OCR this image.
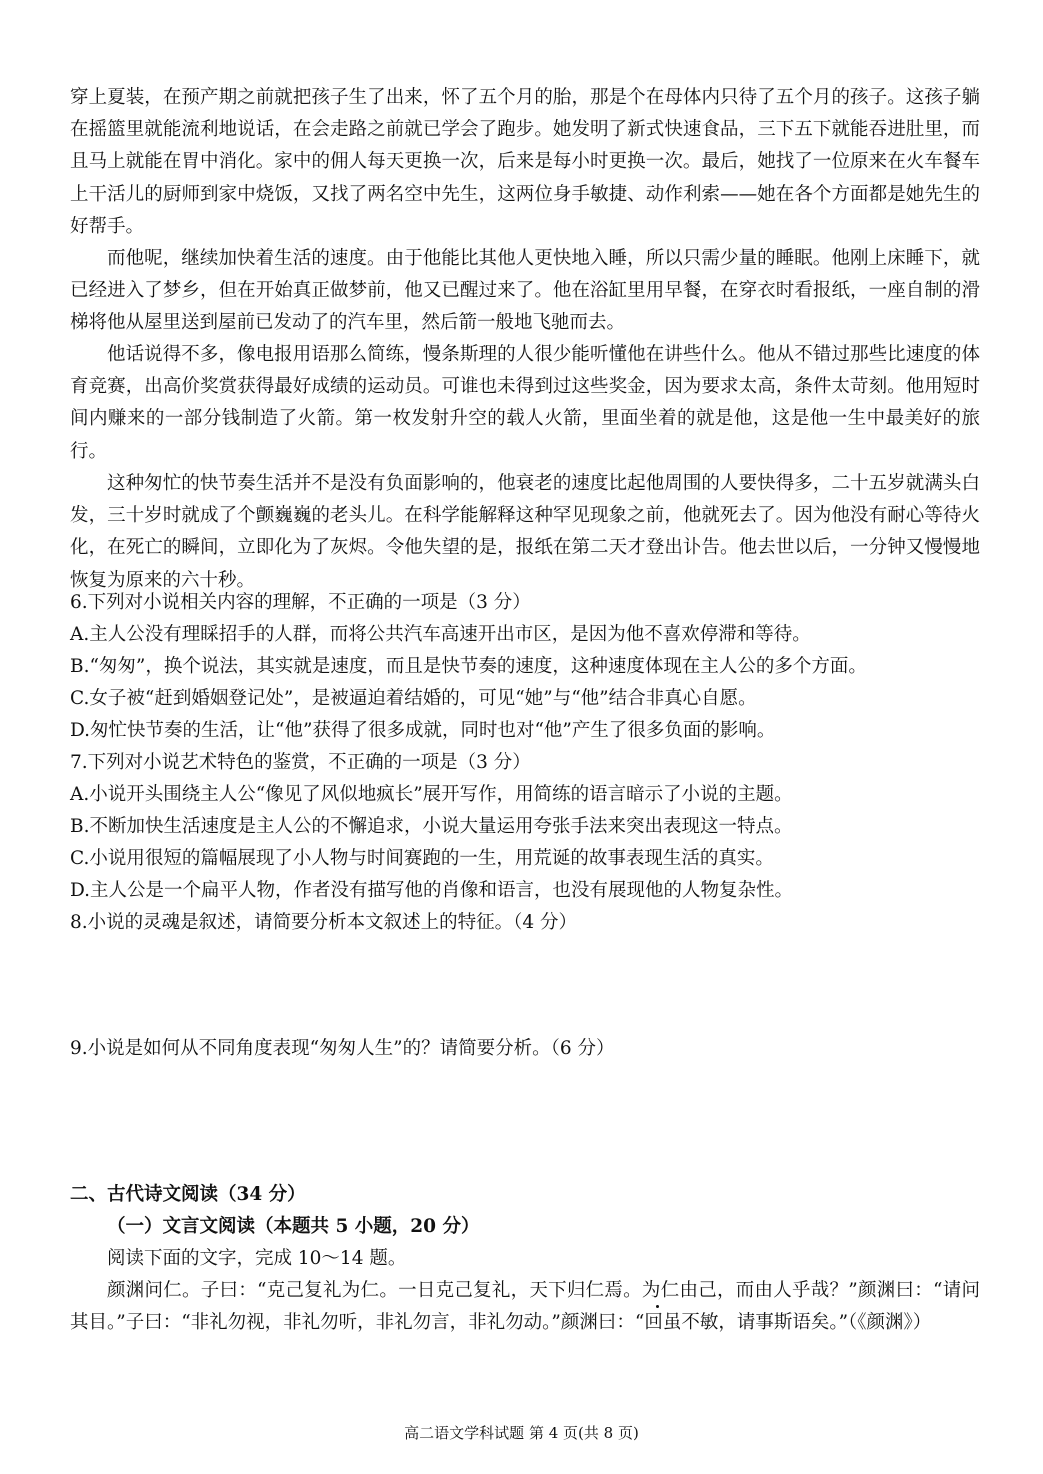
穿上夏装，在预产期之前就把孩子生了出来，怀了五个月的胎，那是个在母体内只待了五个月的孩子。这孩子躺在摇篮里就能流利地说话，在会走路之前就已学会了跑步。她发明了新式快速食品，三下五下就能吞进肚里，而且马上就能在胃中消化。家中的佣人每天更换一次，后来是每小时更换一次。最后，她找了一位原来在火车餐车上干活儿的厨师到家中烧饭，又找了两名空中先生，这两位身手敏捷、动作利索——她在各个方面都是她先生的好帮手。
而他呢，继续加快着生活的速度。由于他能比其他人更快地入睡，所以只需少量的睡眠。他刚上床睡下，就已经进入了梦乡，但在开始真正做梦前，他又已醒过来了。他在浴缸里用早餐，在穿衣时看报纸，一座自制的滑梯将他从屋里送到屋前已发动了的汽车里，然后箭一般地飞驰而去。
他话说得不多，像电报用语那么简练，慢条斯理的人很少能听懂他在讲些什么。他从不错过那些比速度的体育竞赛，出高价奖赏获得最好成绩的运动员。可谁也未得到过这些奖金，因为要求太高，条件太苛刻。他用短时间内赚来的一部分钱制造了火箭。第一枚发射升空的载人火箭，里面坐着的就是他，这是他一生中最美好的旅行。
这种匆忙的快节奏生活并不是没有负面影响的，他衰老的速度比起他周围的人要快得多，二十五岁就满头白发，三十岁时就成了个颤巍巍的老头儿。在科学能解释这种罕见现象之前，他就死去了。因为他没有耐心等待火化，在死亡的瞬间，立即化为了灰烬。令他失望的是，报纸在第二天才登出讣告。他去世以后，一分钟又慢慢地恢复为原来的六十秒。
6.下列对小说相关内容的理解，不正确的一项是（3 分）
A.主人公没有理睬招手的人群，而将公共汽车高速开出市区，是因为他不喜欢停滞和等待。
B.“匆匆”，换个说法，其实就是速度，而且是快节奏的速度，这种速度体现在主人公的多个方面。
C.女子被“赶到婚姻登记处”，是被逼迫着结婚的，可见“她”与“他”结合非真心自愿。
D.匆忙快节奏的生活，让“他”获得了很多成就，同时也对“他”产生了很多负面的影响。
7.下列对小说艺术特色的鉴赏，不正确的一项是（3 分）
A.小说开头围绕主人公“像见了风似地疯长”展开写作，用简练的语言暗示了小说的主题。
B.不断加快生活速度是主人公的不懈追求，小说大量运用夸张手法来突出表现这一特点。
C.小说用很短的篇幅展现了小人物与时间赛跑的一生，用荒诞的故事表现生活的真实。
D.主人公是一个扁平人物，作者没有描写他的肖像和语言，也没有展现他的人物复杂性。
8.小说的灵魂是叙述，请简要分析本文叙述上的特征。（4 分）
9.小说是如何从不同角度表现“匆匆人生”的？请简要分析。（6 分）
二、古代诗文阅读（34 分）
（一）文言文阅读（本题共 5 小题，20 分）
阅读下面的文字，完成 10～14 题。
颜渊问仁。子曰：“克己复礼为仁。一日克己复礼，天下归仁焉。为仁由己，而由人乎哉？”颜渊曰：“请问其目。”子曰：“非礼勿视，非礼勿听，非礼勿言，非礼勿动。”颜渊曰：“回虽不敏，请事斯语矣。”（《颜渊》）
高二语文学科试题 第 4 页(共 8 页)
